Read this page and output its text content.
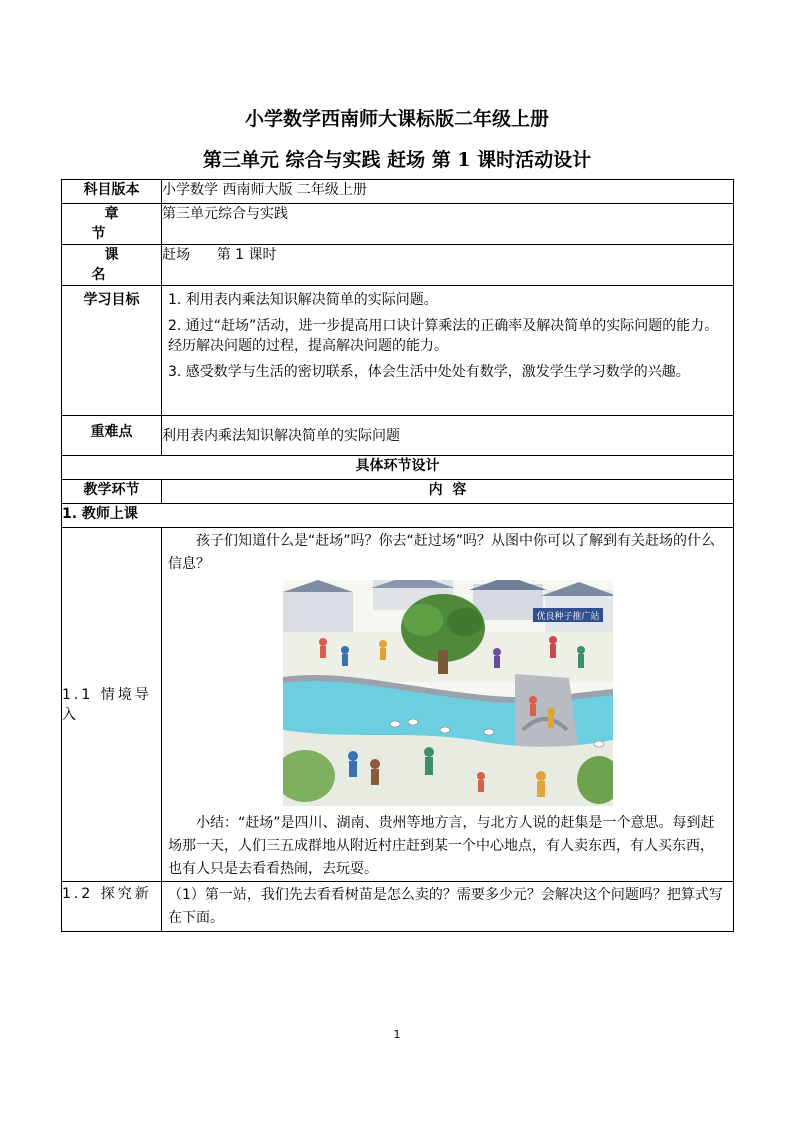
小学数学西南师大课标版二年级上册
第三单元 综合与实践 赶场 第 1 课时活动设计
科目版本	小学数学 西南师大版 二年级上册
章节	第三单元综合与实践
课名	赶场      第 1 课时
学习目标	1. 利用表内乘法知识解决简单的实际问题。

2. 通过“赶场”活动，进一步提高用口诀计算乘法的正确率及解决简单的实际问题的能力。经历解决问题的过程，提高解决问题的能力。

3. 感受数学与生活的密切联系，体会生活中处处有数学，激发学生学习数学的兴趣。

重难点	利用表内乘法知识解决简单的实际问题
具体环节设计	
教学环节	内  容
1. 教师上课	
1.1 情境导入	孩子们知道什么是“赶场”吗？你去“赶过场”吗？从图中你可以了解到有关赶场的什么信息？
优良种子推广站
小结：“赶场”是四川、湖南、贵州等地方言，与北方人说的赶集是一个意思。每到赶场那一天，人们三五成群地从附近村庄赶到某一个中心地点，有人卖东西，有人买东西，也有人只是去看看热闹，去玩耍。

1.2 探究新	（1）第一站，我们先去看看树苗是怎么卖的？需要多少元？会解决这个问题吗？把算式写在下面。
1
